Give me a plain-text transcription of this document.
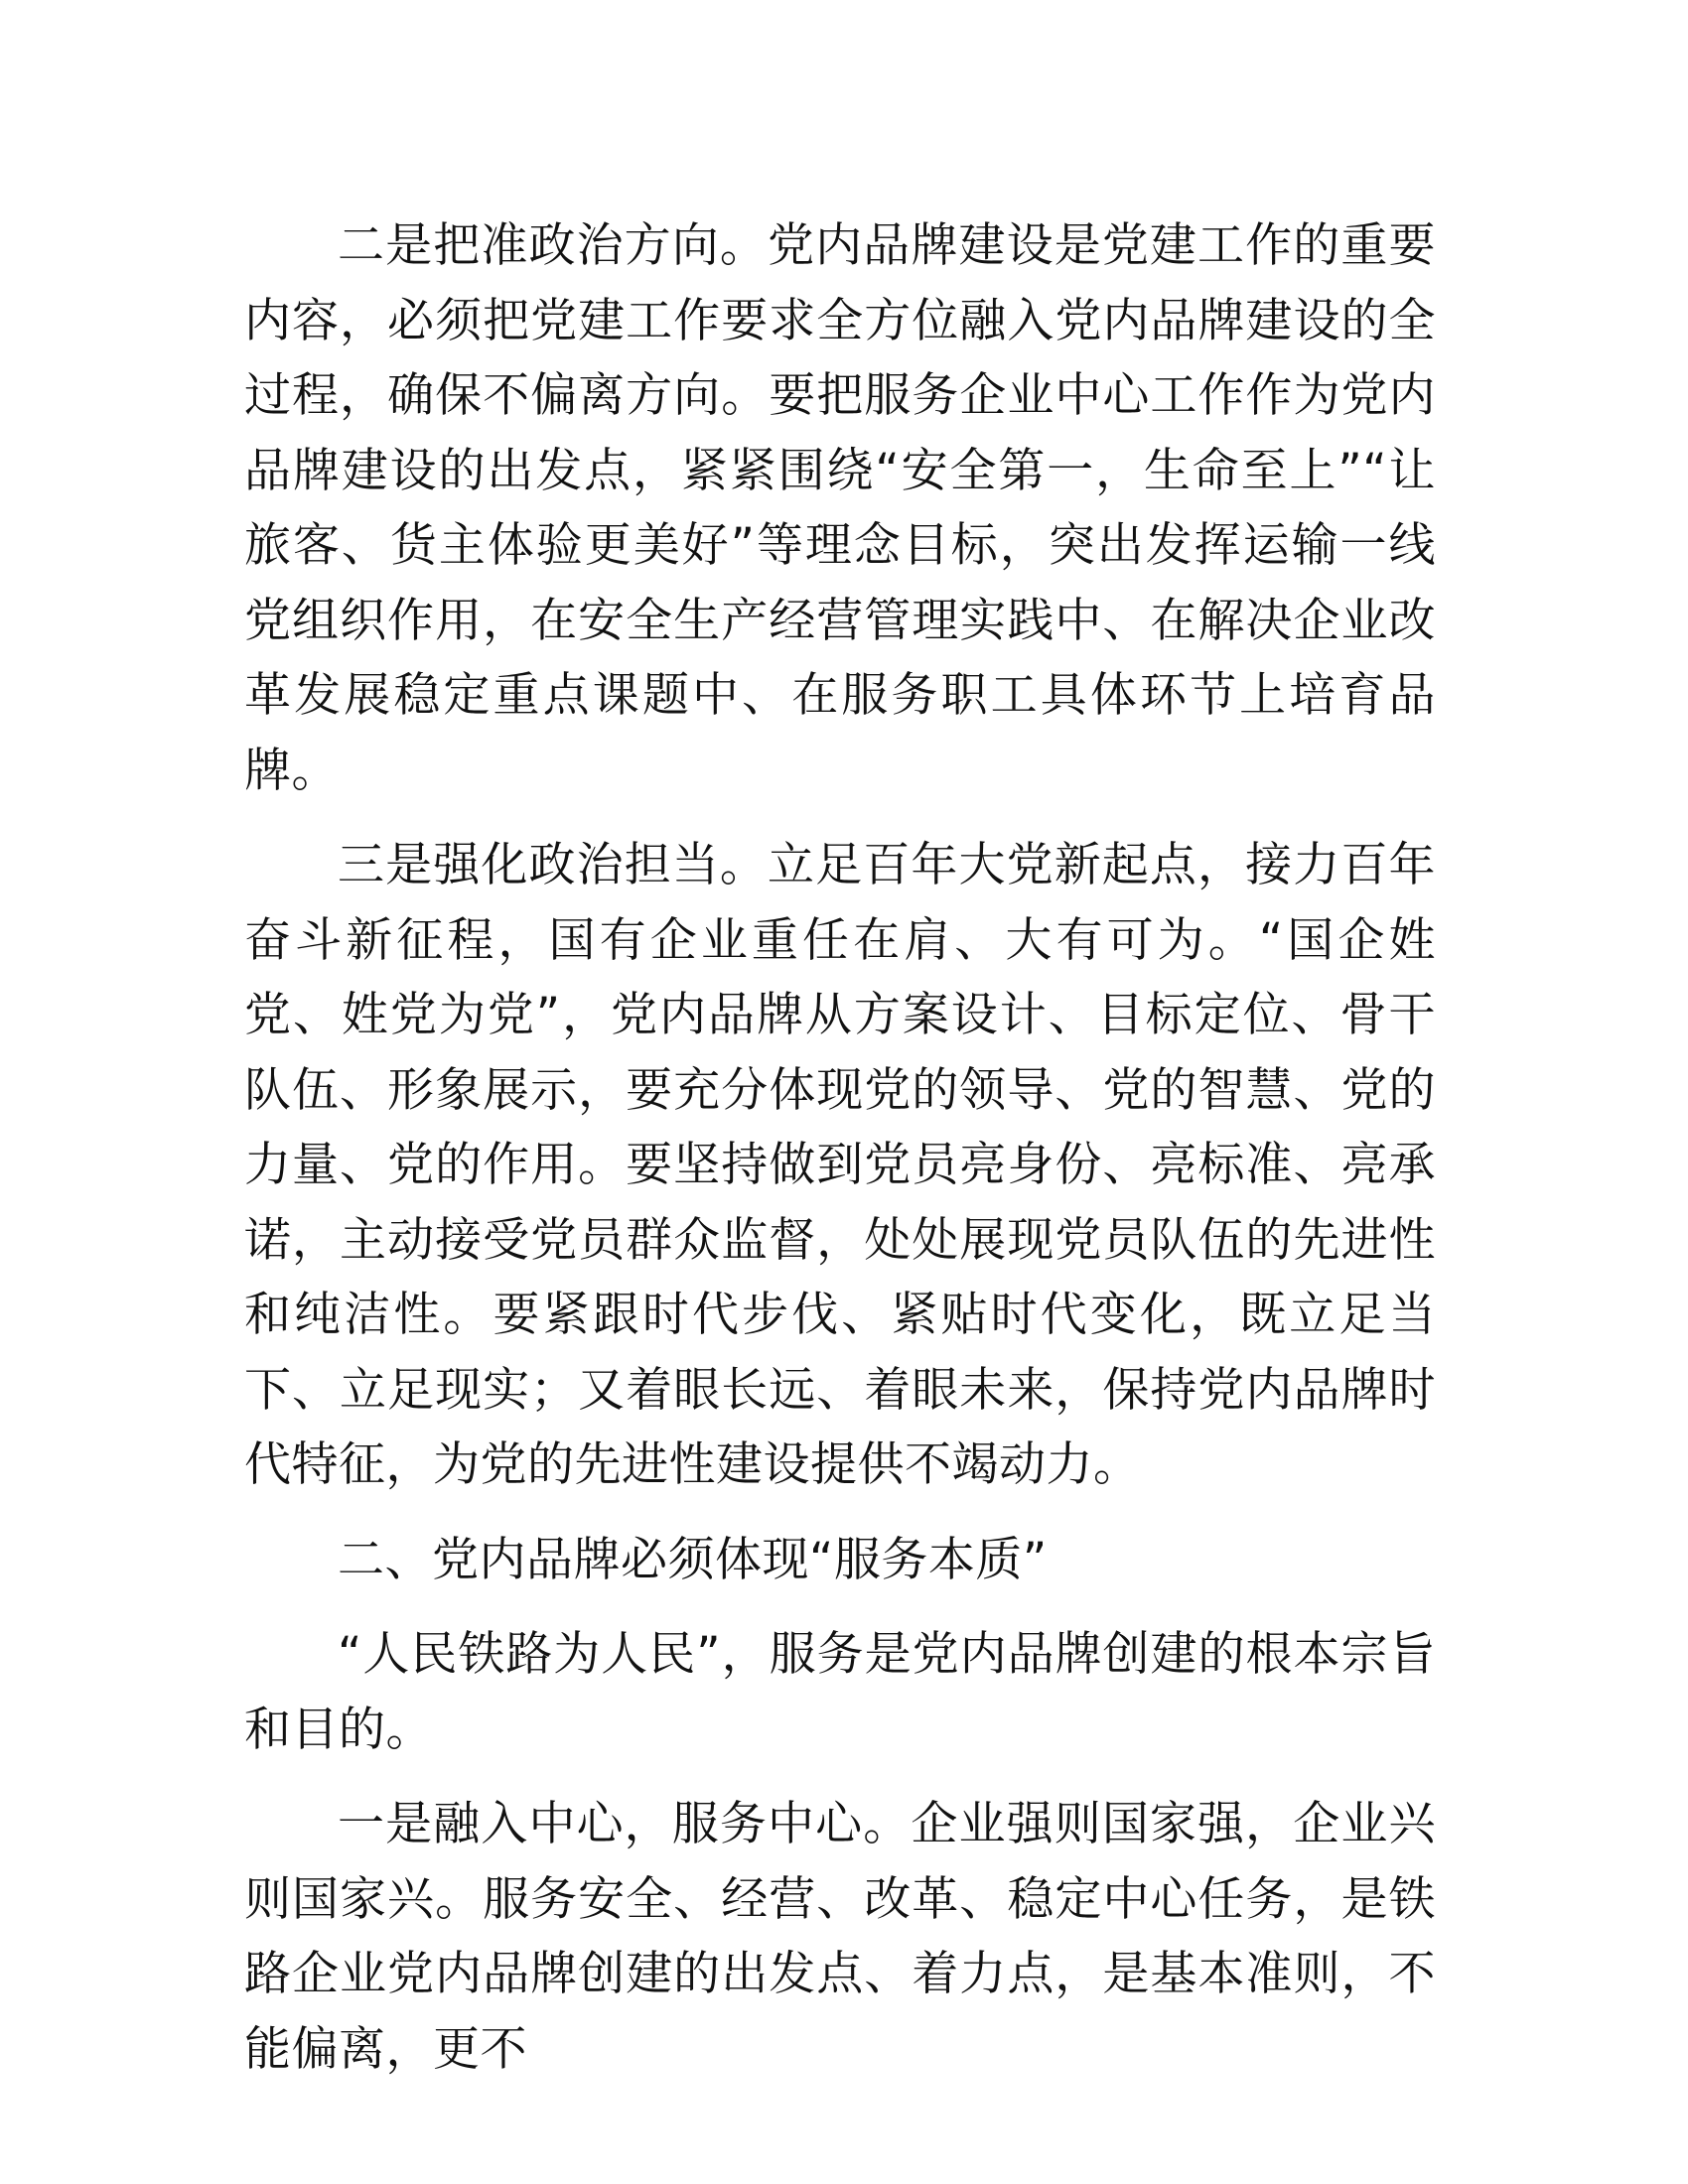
二是把准政治方向。党内品牌建设是党建工作的重要内容，必须把党建工作要求全方位融入党内品牌建设的全过程，确保不偏离方向。要把服务企业中心工作作为党内品牌建设的出发点，紧紧围绕“安全第一，生命至上”“让旅客、货主体验更美好”等理念目标，突出发挥运输一线党组织作用，在安全生产经营管理实践中、在解决企业改革发展稳定重点课题中、在服务职工具体环节上培育品牌。

三是强化政治担当。立足百年大党新起点，接力百年奋斗新征程，国有企业重任在肩、大有可为。“国企姓党、姓党为党”，党内品牌从方案设计、目标定位、骨干队伍、形象展示，要充分体现党的领导、党的智慧、党的力量、党的作用。要坚持做到党员亮身份、亮标准、亮承诺，主动接受党员群众监督，处处展现党员队伍的先进性和纯洁性。要紧跟时代步伐、紧贴时代变化，既立足当下、立足现实；又着眼长远、着眼未来，保持党内品牌时代特征，为党的先进性建设提供不竭动力。

二、党内品牌必须体现“服务本质”

“人民铁路为人民”，服务是党内品牌创建的根本宗旨和目的。

一是融入中心，服务中心。企业强则国家强，企业兴则国家兴。服务安全、经营、改革、稳定中心任务，是铁路企业党内品牌创建的出发点、着力点，是基本准则，不能偏离，更不
